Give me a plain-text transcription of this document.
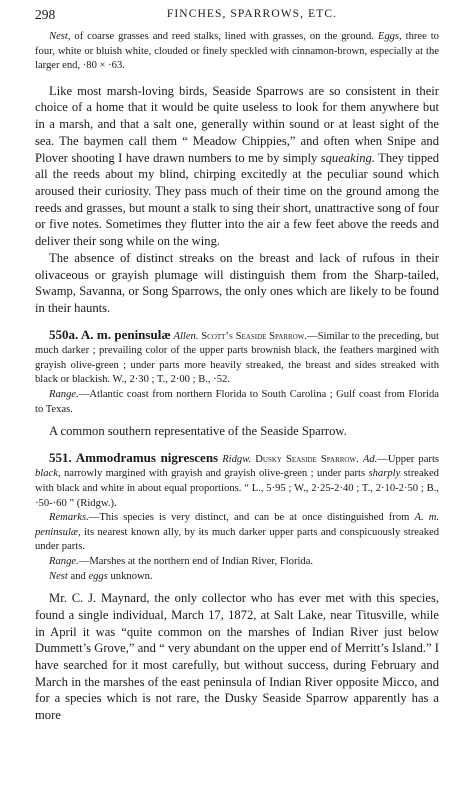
298	FINCHES, SPARROWS, ETC.

Nest, of coarse grasses and reed stalks, lined with grasses, on the ground. Eggs, three to four, white or bluish white, clouded or finely speckled with cinnamon-brown, especially at the larger end, ·80 × ·63.

Like most marsh-loving birds, Seaside Sparrows are so consistent in their choice of a home that it would be quite useless to look for them anywhere but in a marsh, and that a salt one, generally within sound or at least sight of the sea. The baymen call them “ Meadow Chippies,” and often when Snipe and Plover shooting I have drawn numbers to me by simply squeaking. They tipped all the reeds about my blind, chirping excitedly at the peculiar sound which aroused their curiosity. They pass much of their time on the ground among the reeds and grasses, but mount a stalk to sing their short, unattractive song of four or five notes. Sometimes they flutter into the air a few feet above the reeds and deliver their song while on the wing.

The absence of distinct streaks on the breast and lack of rufous in their olivaceous or grayish plumage will distinguish them from the Sharp-tailed, Swamp, Savanna, or Song Sparrows, the only ones which are likely to be found in their haunts.

550a. A. m. peninsulæ Allen. Scott’s Seaside Sparrow.—Similar to the preceding, but much darker ; prevailing color of the upper parts brownish black, the feathers margined with grayish olive-green ; under parts more heavily streaked, the breast and sides streaked with black or blackish. W., 2·30 ; T., 2·00 ; B., ·52.

Range.—Atlantic coast from northern Florida to South Carolina ; Gulf coast from Florida to Texas.

A common southern representative of the Seaside Sparrow.

551. Ammodramus nigrescens Ridgw. Dusky Seaside Sparrow. Ad.—Upper parts black, narrowly margined with grayish and grayish olive-green ; under parts sharply streaked with black and white in about equal proportions. “ L., 5·95 ; W., 2·25-2·40 ; T., 2·10-2·50 ; B., ·50-·60 ” (Ridgw.).

Remarks.—This species is very distinct, and can be at once distinguished from A. m. peninsulæ, its nearest known ally, by its much darker upper parts and conspicuously streaked under parts.

Range.—Marshes at the northern end of Indian River, Florida.

Nest and eggs unknown.

Mr. C. J. Maynard, the only collector who has ever met with this species, found a single individual, March 17, 1872, at Salt Lake, near Titusville, while in April it was “quite common on the marshes of Indian River just below Dummett’s Grove,” and “ very abundant on the upper end of Merritt’s Island.” I have searched for it most carefully, but without success, during February and March in the marshes of the east peninsula of Indian River opposite Micco, and for a species which is not rare, the Dusky Seaside Sparrow apparently has a more
